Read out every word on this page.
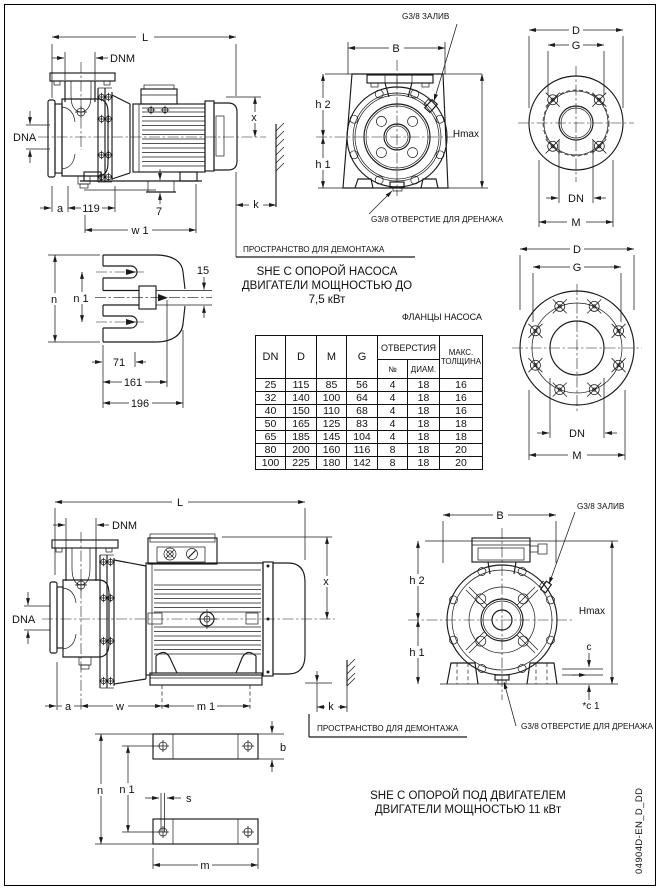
L
DNM
DNA
x
k
a 119	7
w 1
ПРОСТРАНСТВО ДЛЯ ДЕМОНТАЖА
B
h 2
h 1
Hmax
G3/8 ЗАЛИВ
G3/8 ОТВЕРСТИЕ ДЛЯ ДРЕНАЖА
D
G
DN
M
n n 1
15
71
161
196
D
G
DN
M
L
DNM
DNA
x
a	w	m 1	k
ПРОСТРАНСТВО ДЛЯ ДЕМОНТАЖА
B
h 2
h 1
Hmax
c
*c 1
G3/8 ЗАЛИВ
G3/8 ОТВЕРСТИЕ ДЛЯ ДРЕНАЖА
b
n n 1
s
m
SHE С ОПОРОЙ НАСОСА
ДВИГАТЕЛИ МОЩНОСТЬЮ ДО
7,5 кВт
SHE С ОПОРОЙ ПОД ДВИГАТЕЛЕМ
ДВИГАТЕЛИ МОЩНОСТЬЮ 11 кВт
ФЛАНЦЫ НАСОСА
DN	D	M	G	ОТВЕРСТИЯ		МАКС.
ТОЛЩИНА

				№	ДИАМ.	
25	115	85	56	4	18	16
32	140	100	64	4	18	16
40	150	110	68	4	18	16
50	165	125	83	4	18	18
65	185	145	104	4	18	18
80	200	160	116	8	18	20
100	225	180	142	8	18	20
04904D-EN_D_DD
